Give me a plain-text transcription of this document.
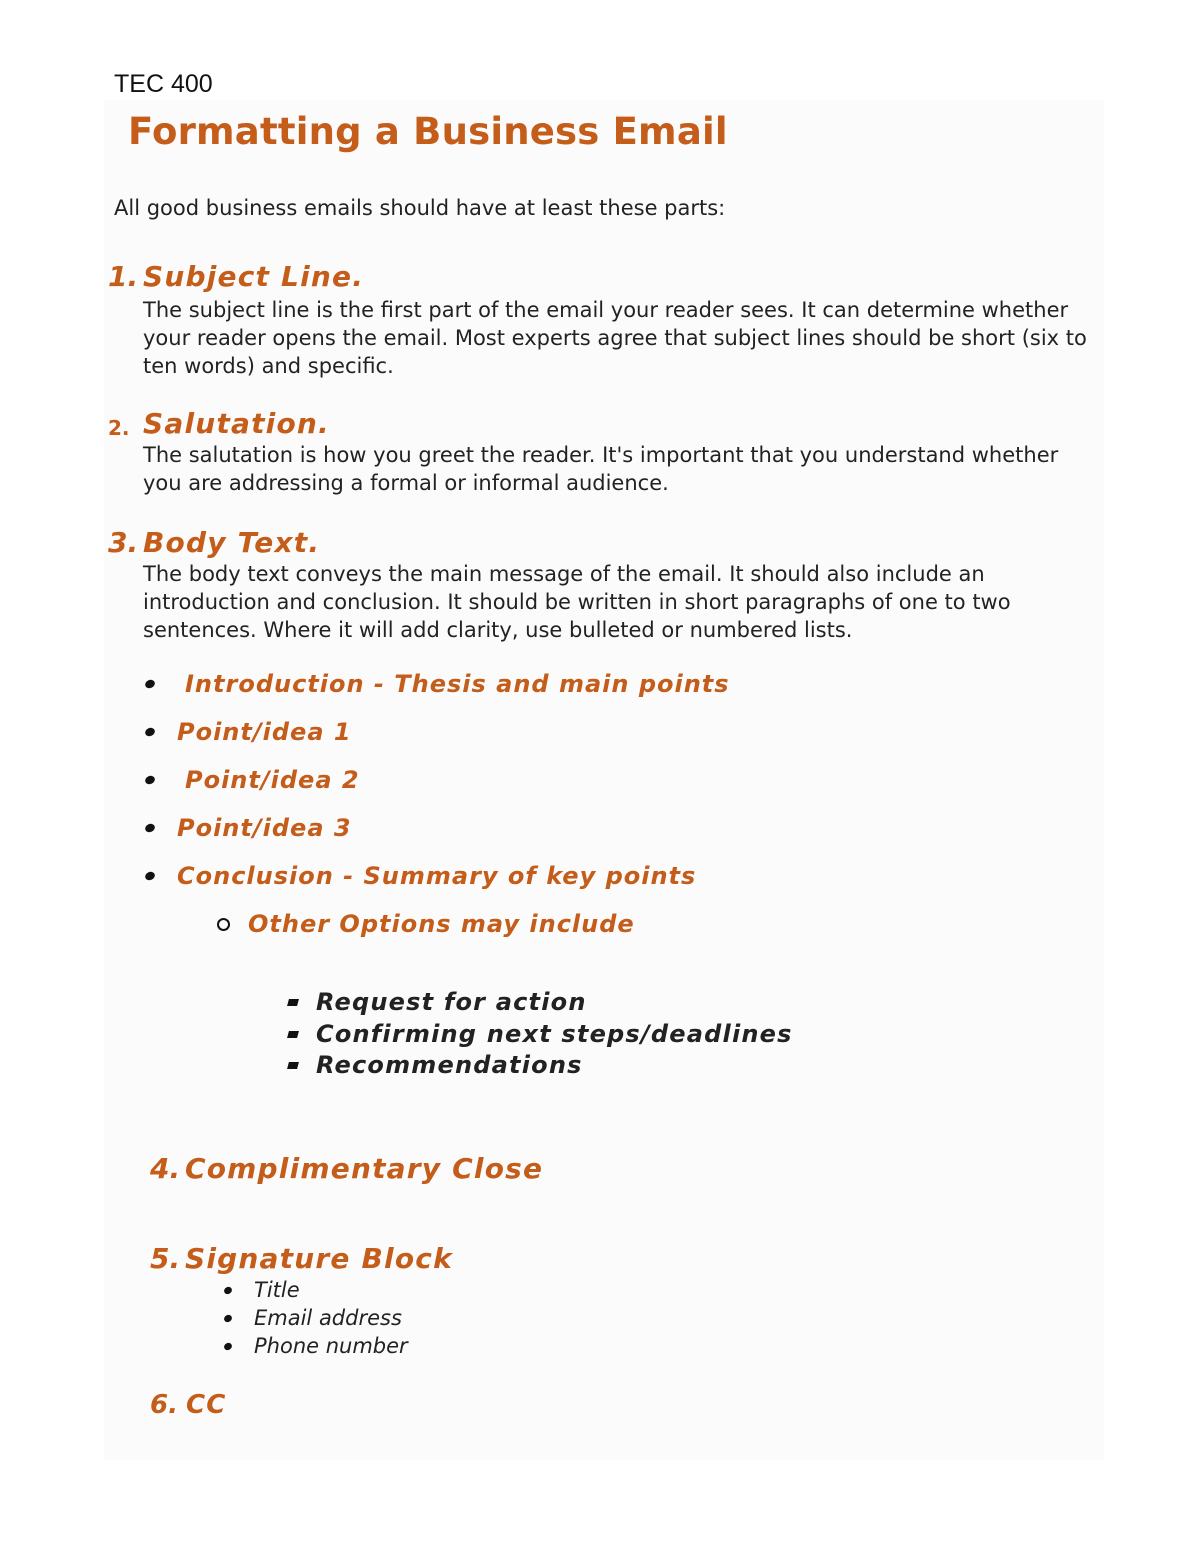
TEC 400
Formatting a Business Email
All good business emails should have at least these parts:
1. Subject Line.
The subject line is the first part of the email your reader sees. It can determine whether
your reader opens the email. Most experts agree that subject lines should be short (six to
ten words) and specific.
2. Salutation.
The salutation is how you greet the reader. It's important that you understand whether
you are addressing a formal or informal audience.
3. Body Text.
The body text conveys the main message of the email. It should also include an
introduction and conclusion. It should be written in short paragraphs of one to two
sentences. Where it will add clarity, use bulleted or numbered lists.
Introduction - Thesis and main points
Point/idea 1
Point/idea 2
Point/idea 3
Conclusion - Summary of key points
Other Options may include
Request for action
Confirming next steps/deadlines
Recommendations
4. Complimentary Close
5. Signature Block
Title
Email address
Phone number
6. CC
